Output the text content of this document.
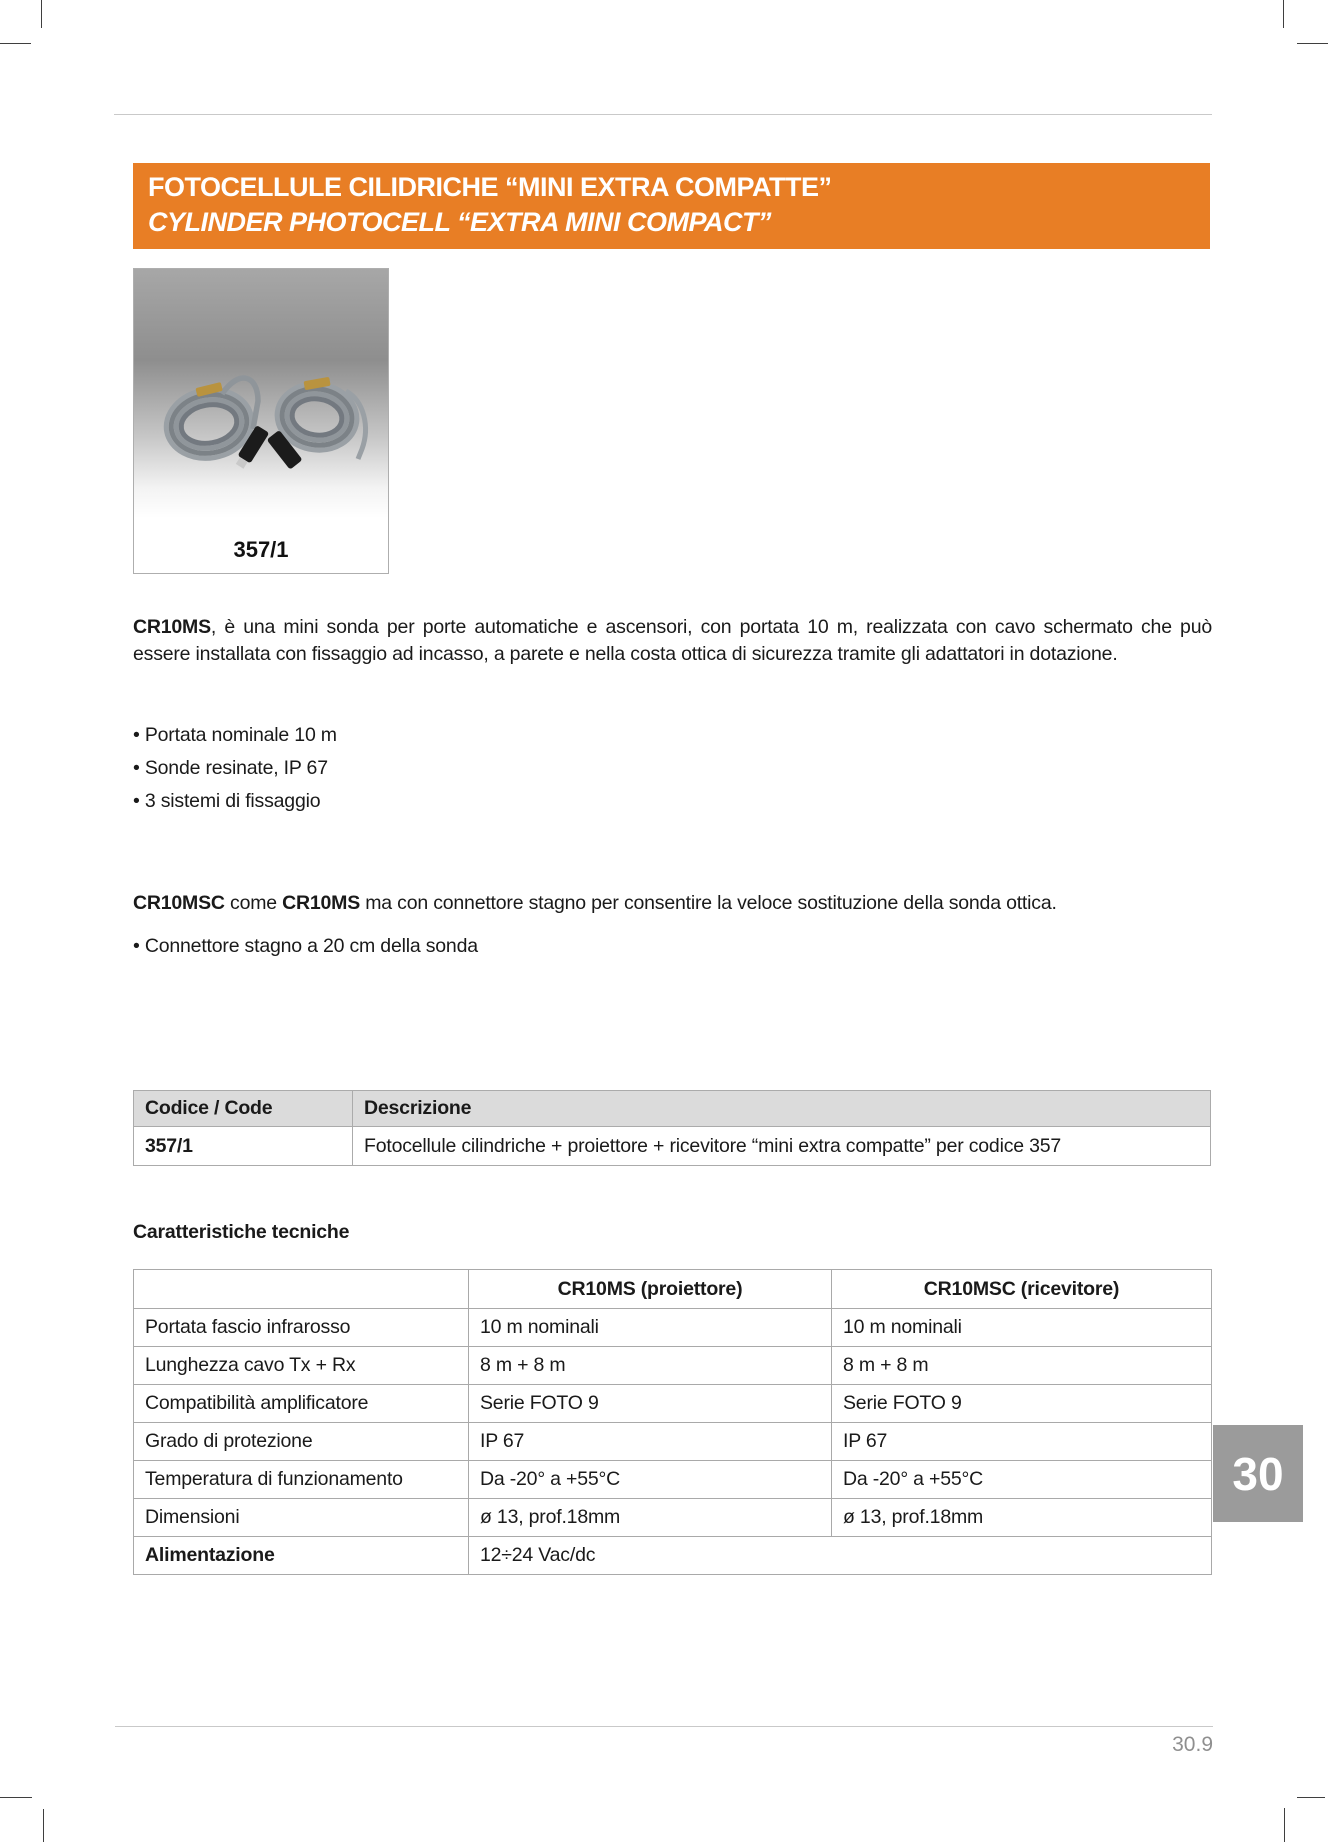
FOTOCELLULE CILIDRICHE “MINI EXTRA COMPATTE”
CYLINDER PHOTOCELL “EXTRA MINI COMPACT”
357/1

CR10MS, è una mini sonda per porte automatiche e ascensori, con portata 10 m, realizzata con cavo schermato che può essere installata con fissaggio ad incasso, a parete e nella costa ottica di sicurezza tramite gli adattatori in dotazione.

• Portata nominale 10 m
• Sonde resinate, IP 67
• 3 sistemi di fissaggio

CR10MSC come CR10MS ma con connettore stagno per consentire la veloce sostituzione della sonda ottica.

• Connettore stagno a 20 cm della sonda
Codice / Code	Descrizione
357/1	Fotocellule cilindriche + proiettore + ricevitore “mini extra compatte” per codice 357
Caratteristiche tecniche
	CR10MS (proiettore)	CR10MSC (ricevitore)
Portata fascio infrarosso	10 m nominali	10 m nominali
Lunghezza cavo Tx + Rx	8 m + 8 m	8 m + 8 m
Compatibilità amplificatore	Serie FOTO 9	Serie FOTO 9
Grado di protezione	IP 67	IP 67
Temperatura di funzionamento	Da -20° a +55°C	Da -20° a +55°C
Dimensioni	ø 13, prof.18mm	ø 13, prof.18mm
Alimentazione	12÷24 Vac/dc	
30
30.9
